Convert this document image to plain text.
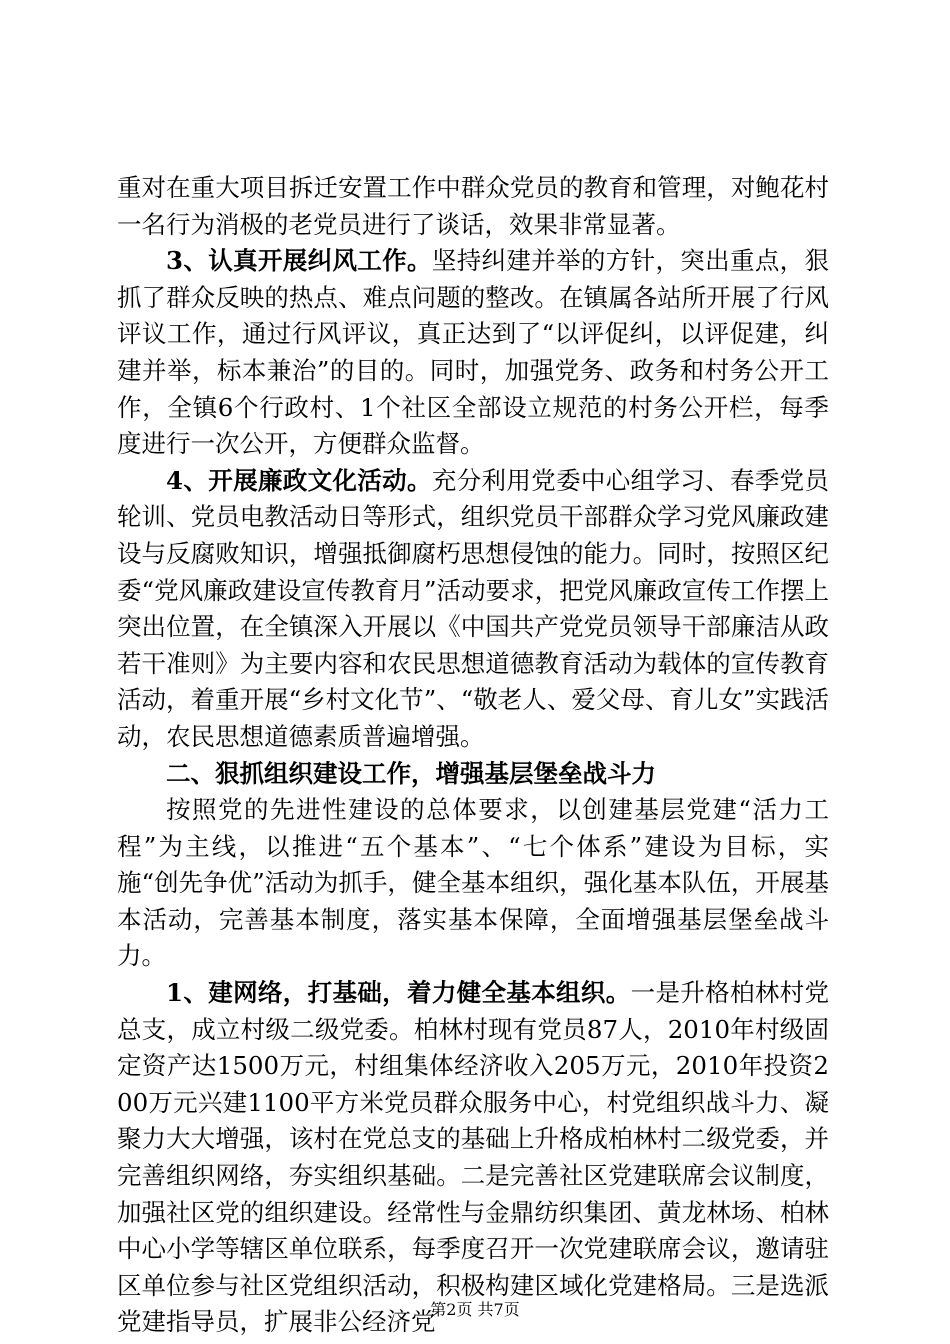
重对在重大项目拆迁安置工作中群众党员的教育和管理，对鲍花村一名行为消极的老党员进行了谈话，效果非常显著。

3、认真开展纠风工作。坚持纠建并举的方针，突出重点，狠抓了群众反映的热点、难点问题的整改。在镇属各站所开展了行风评议工作，通过行风评议，真正达到了“以评促纠，以评促建，纠建并举，标本兼治”的目的。同时，加强党务、政务和村务公开工作，全镇6个行政村、1个社区全部设立规范的村务公开栏，每季度进行一次公开，方便群众监督。

4、开展廉政文化活动。充分利用党委中心组学习、春季党员轮训、党员电教活动日等形式，组织党员干部群众学习党风廉政建设与反腐败知识，增强抵御腐朽思想侵蚀的能力。同时，按照区纪委“党风廉政建设宣传教育月”活动要求，把党风廉政宣传工作摆上突出位置，在全镇深入开展以《中国共产党党员领导干部廉洁从政若干准则》为主要内容和农民思想道德教育活动为载体的宣传教育活动，着重开展“乡村文化节”、“敬老人、爱父母、育儿女”实践活动，农民思想道德素质普遍增强。

二、狠抓组织建设工作，增强基层堡垒战斗力

按照党的先进性建设的总体要求，以创建基层党建“活力工程”为主线，以推进“五个基本”、“七个体系”建设为目标，实施“创先争优”活动为抓手，健全基本组织，强化基本队伍，开展基本活动，完善基本制度，落实基本保障，全面增强基层堡垒战斗力。

1、建网络，打基础，着力健全基本组织。一是升格柏林村党总支，成立村级二级党委。柏林村现有党员87人，2010年村级固定资产达1500万元，村组集体经济收入205万元，2010年投资200万元兴建1100平方米党员群众服务中心，村党组织战斗力、凝聚力大大增强，该村在党总支的基础上升格成柏林村二级党委，并完善组织网络，夯实组织基础。二是完善社区党建联席会议制度，加强社区党的组织建设。经常性与金鼎纺织集团、黄龙林场、柏林中心小学等辖区单位联系，每季度召开一次党建联席会议，邀请驻区单位参与社区党组织活动，积极构建区域化党建格局。三是选派党建指导员，扩展非公经济党

第2页 共7页
